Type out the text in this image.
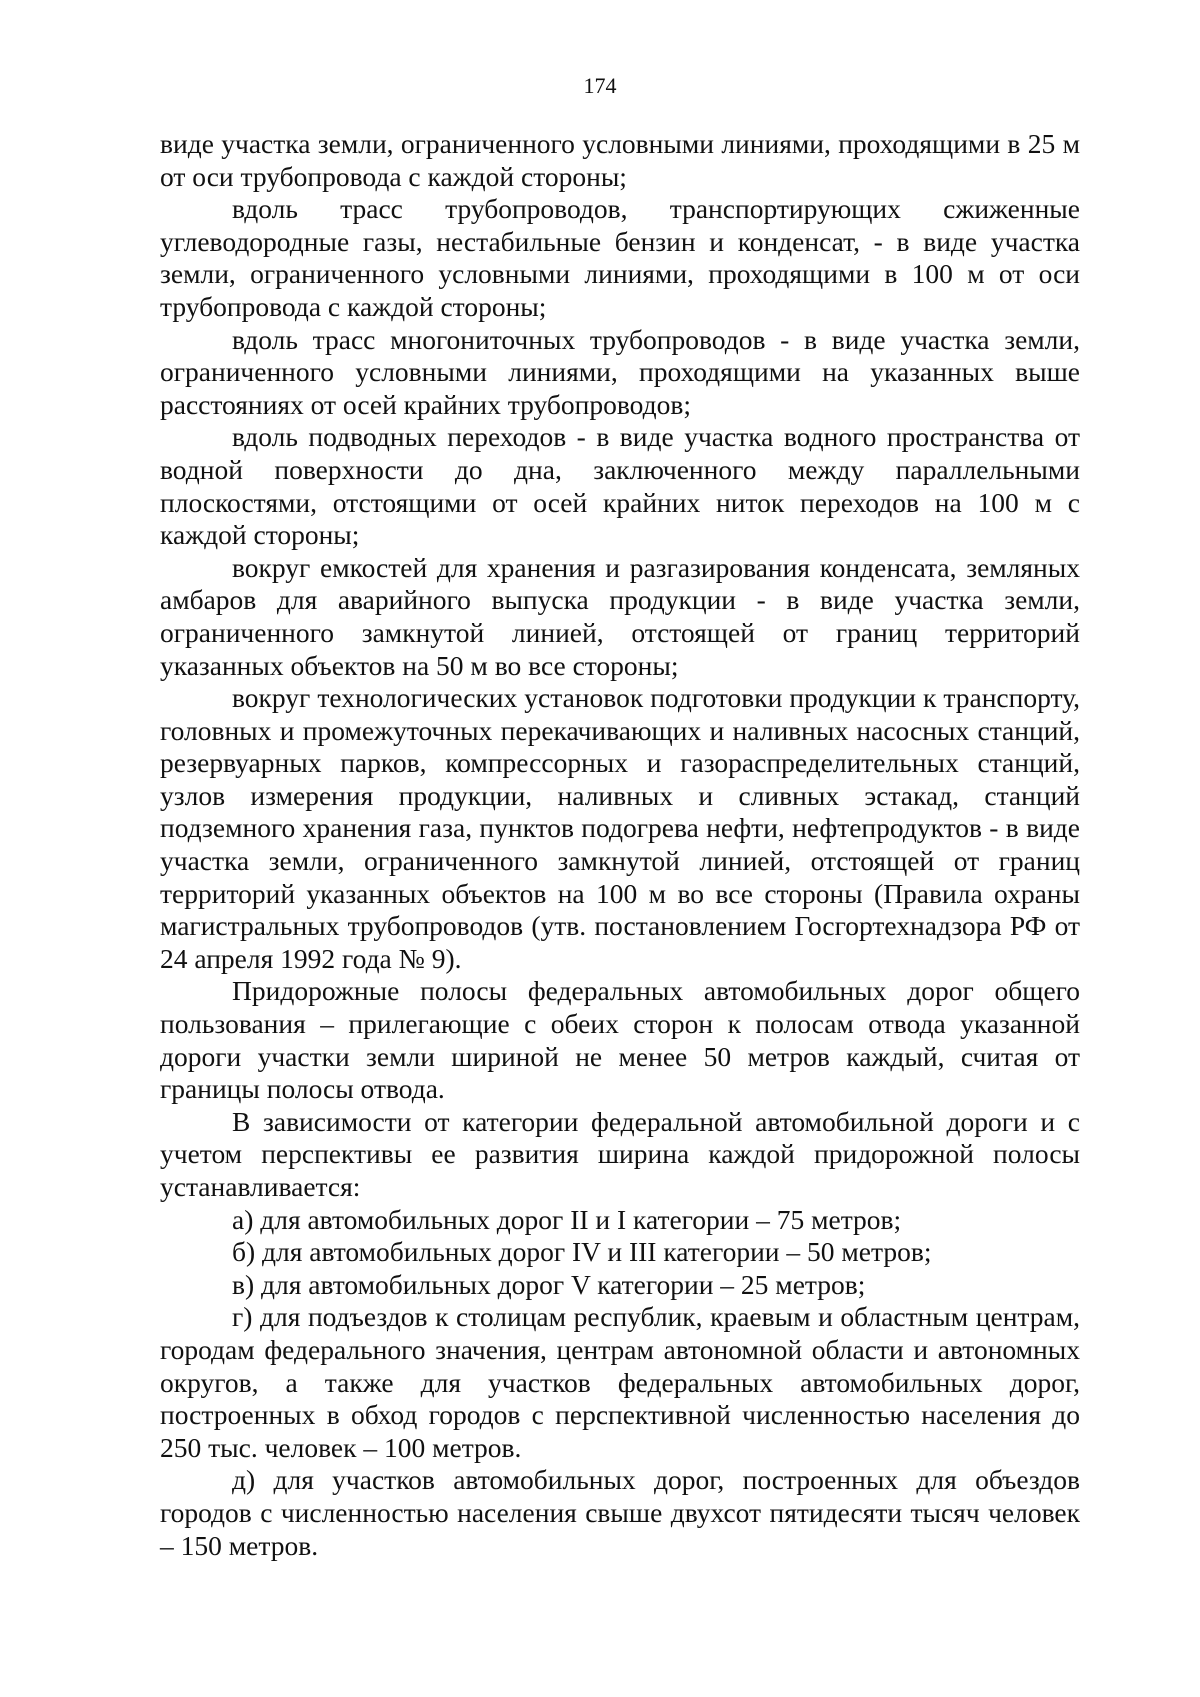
174

виде участка земли, ограниченного условными линиями, проходящими в 25 м от оси трубопровода с каждой стороны;

вдоль трасс трубопроводов, транспортирующих сжиженные углеводородные газы, нестабильные бензин и конденсат, - в виде участка земли, ограниченного условными линиями, проходящими в 100 м от оси трубопровода с каждой стороны;

вдоль трасс многониточных трубопроводов - в виде участка земли, ограниченного условными линиями, проходящими на указанных выше расстояниях от осей крайних трубопроводов;

вдоль подводных переходов - в виде участка водного пространства от водной поверхности до дна, заключенного между параллельными плоскостями, отстоящими от осей крайних ниток переходов на 100 м с каждой стороны;

вокруг емкостей для хранения и разгазирования конденсата, земляных амбаров для аварийного выпуска продукции - в виде участка земли, ограниченного замкнутой линией, отстоящей от границ территорий указанных объектов на 50 м во все стороны;

вокруг технологических установок подготовки продукции к транспорту, головных и промежуточных перекачивающих и наливных насосных станций, резервуарных парков, компрессорных и газораспределительных станций, узлов измерения продукции, наливных и сливных эстакад, станций подземного хранения газа, пунктов подогрева нефти, нефтепродуктов - в виде участка земли, ограниченного замкнутой линией, отстоящей от границ территорий указанных объектов на 100 м во все стороны (Правила охраны магистральных трубопроводов (утв. постановлением Госгортехнадзора РФ от 24 апреля 1992 года № 9).

Придорожные полосы федеральных автомобильных дорог общего пользования – прилегающие с обеих сторон к полосам отвода указанной дороги участки земли шириной не менее 50 метров каждый, считая от границы полосы отвода.

В зависимости от категории федеральной автомобильной дороги и с учетом перспективы ее развития ширина каждой придорожной полосы устанавливается:

а) для автомобильных дорог II и I категории – 75 метров;

б) для автомобильных дорог IV и III категории – 50 метров;

в) для автомобильных дорог V категории – 25 метров;

г) для подъездов к столицам республик, краевым и областным центрам, городам федерального значения, центрам автономной области и автономных округов, а также для участков федеральных автомобильных дорог, построенных в обход городов с перспективной численностью населения до 250 тыс. человек – 100 метров.

д) для участков автомобильных дорог, построенных для объездов городов с численностью населения свыше двухсот пятидесяти тысяч человек – 150 метров.
